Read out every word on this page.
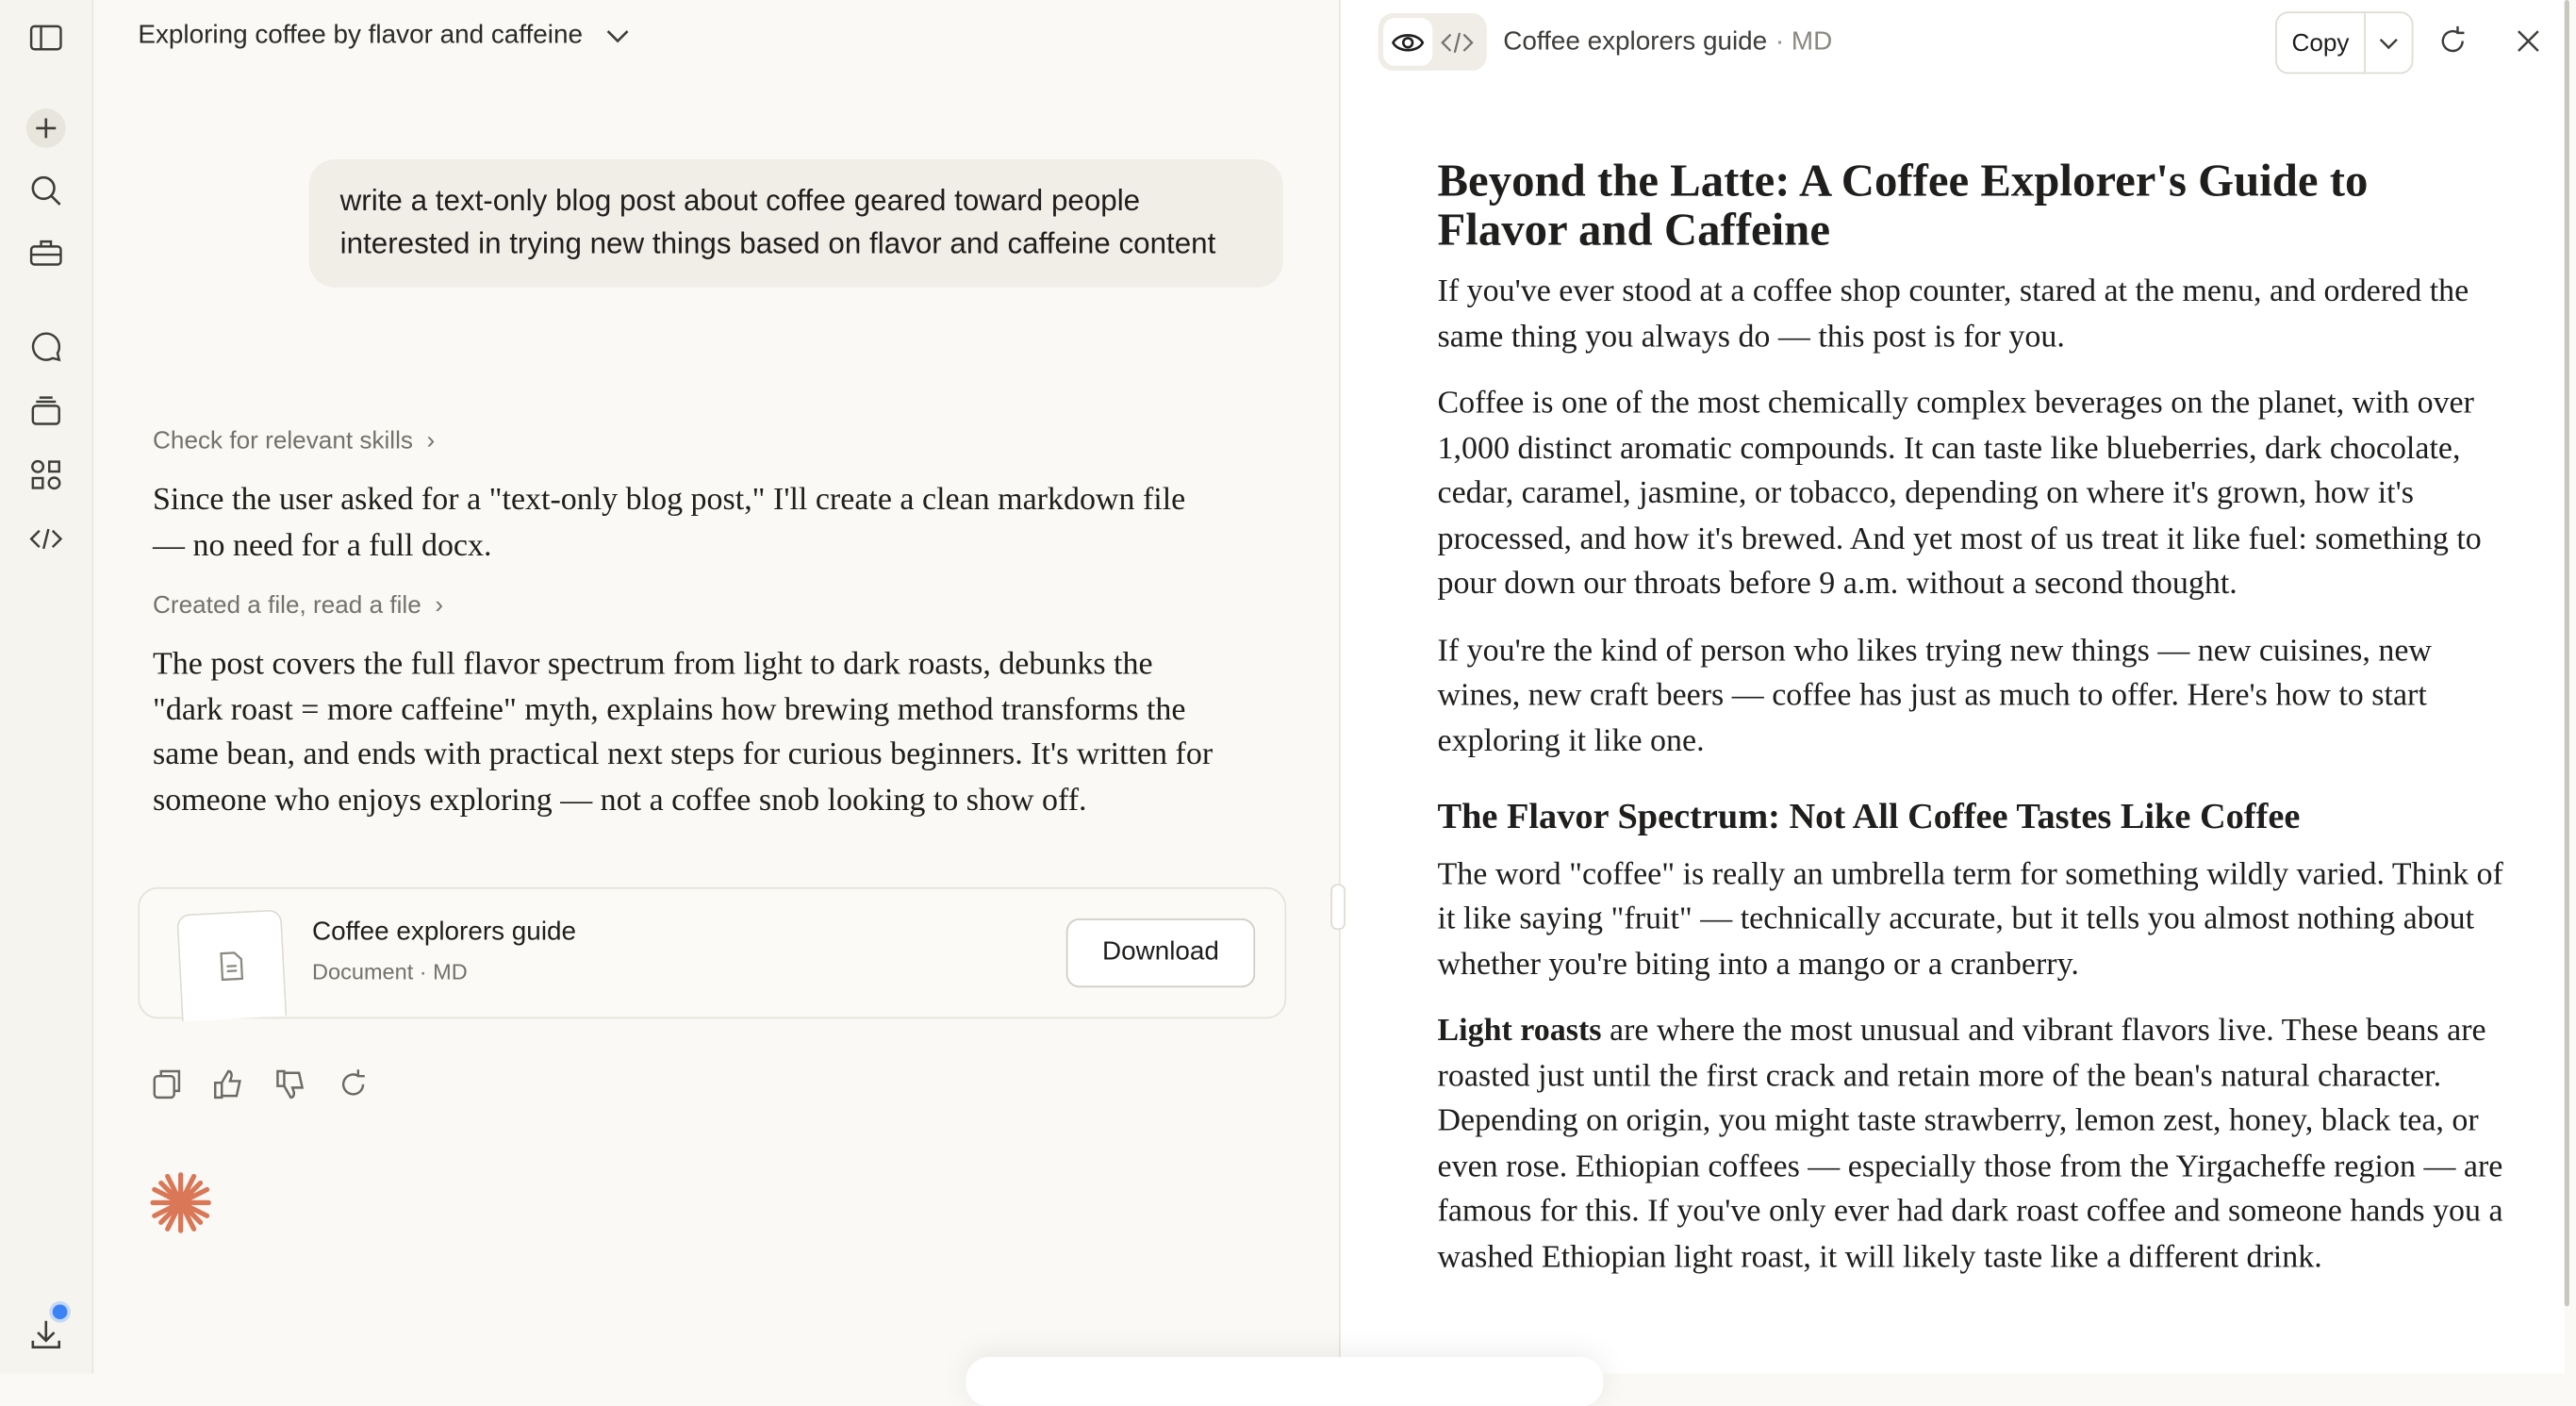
Exploring coffee by flavor and caffeine
write a text-only blog post about coffee geared toward people interested in trying new things based on flavor and caffeine content
Check for relevant skills  ›
Since the user asked for a "text-only blog post," I'll create a clean markdown file — no need for a full docx.
Created a file, read a file  ›
The post covers the full flavor spectrum from light to dark roasts, debunks the "dark roast = more caffeine" myth, explains how brewing method transforms the same bean, and ends with practical next steps for curious beginners. It's written for someone who enjoys exploring — not a coffee snob looking to show off.
Coffee explorers guide
Document · MD
Download
Coffee explorers guide · MD	Copy
Beyond the Latte: A Coffee Explorer's Guide to Flavor and Caffeine

If you've ever stood at a coffee shop counter, stared at the menu, and ordered the same thing you always do — this post is for you.

Coffee is one of the most chemically complex beverages on the planet, with over 1,000 distinct aromatic compounds. It can taste like blueberries, dark chocolate, cedar, caramel, jasmine, or tobacco, depending on where it's grown, how it's processed, and how it's brewed. And yet most of us treat it like fuel: something to pour down our throats before 9 a.m. without a second thought.

If you're the kind of person who likes trying new things — new cuisines, new wines, new craft beers — coffee has just as much to offer. Here's how to start exploring it like one.

The Flavor Spectrum: Not All Coffee Tastes Like Coffee

The word "coffee" is really an umbrella term for something wildly varied. Think of it like saying "fruit" — technically accurate, but it tells you almost nothing about whether you're biting into a mango or a cranberry.

Light roasts are where the most unusual and vibrant flavors live. These beans are roasted just until the first crack and retain more of the bean's natural character. Depending on origin, you might taste strawberry, lemon zest, honey, black tea, or even rose. Ethiopian coffees — especially those from the Yirgacheffe region — are famous for this. If you've only ever had dark roast coffee and someone hands you a washed Ethiopian light roast, it will likely taste like a different drink.
